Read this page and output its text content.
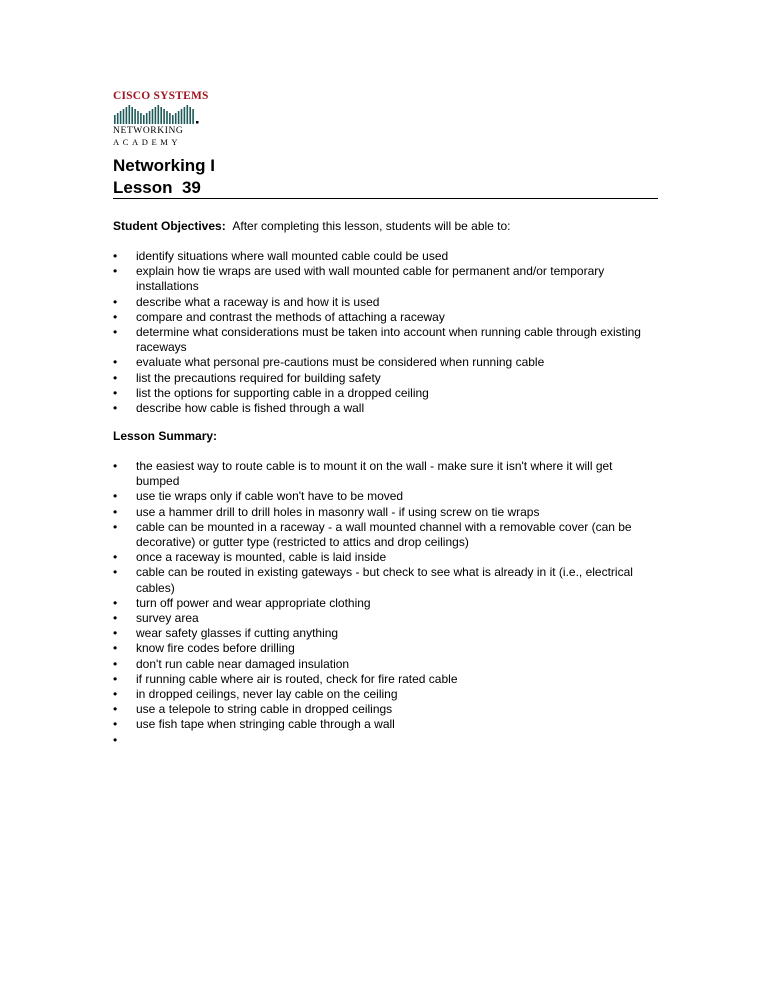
CISCO SYSTEMS
NETWORKING
ACADEMY
Networking I
Lesson  39
Student Objectives: After completing this lesson, students will be able to:
• identify situations where wall mounted cable could be used
• explain how tie wraps are used with wall mounted cable for permanent and/or temporary installations
• describe what a raceway is and how it is used
• compare and contrast the methods of attaching a raceway
• determine what considerations must be taken into account when running cable through existing raceways
• evaluate what personal pre-cautions must be considered when running cable
• list the precautions required for building safety
• list the options for supporting cable in a dropped ceiling
• describe how cable is fished through a wall
Lesson Summary:
• the easiest way to route cable is to mount it on the wall - make sure it isn't where it will get bumped
• use tie wraps only if cable won't have to be moved
• use a hammer drill to drill holes in masonry wall - if using screw on tie wraps
• cable can be mounted in a raceway - a wall mounted channel with a removable cover (can be decorative) or gutter type (restricted to attics and drop ceilings)
• once a raceway is mounted, cable is laid inside
• cable can be routed in existing gateways - but check to see what is already in it (i.e., electrical cables)
• turn off power and wear appropriate clothing
• survey area
• wear safety glasses if cutting anything
• know fire codes before drilling
• don't run cable near damaged insulation
• if running cable where air is routed, check for fire rated cable
• in dropped ceilings, never lay cable on the ceiling
• use a telepole to string cable in dropped ceilings
• use fish tape when stringing cable through a wall
•
